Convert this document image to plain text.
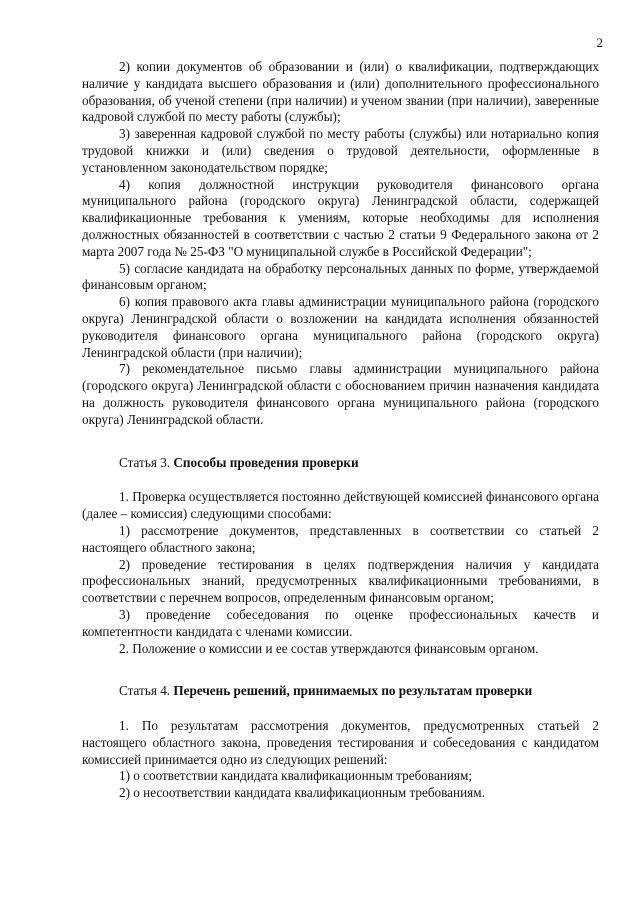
2

2) копии документов об образовании и (или) о квалификации, подтверждающих наличие у кандидата высшего образования и (или) дополнительного профессионального образования, об ученой степени (при наличии) и ученом звании (при наличии), заверенные кадровой службой по месту работы (службы);

3) заверенная кадровой службой по месту работы (службы) или нотариально копия трудовой книжки и (или) сведения о трудовой деятельности, оформленные в установленном законодательством порядке;

4) копия должностной инструкции руководителя финансового органа муниципального района (городского округа) Ленинградской области, содержащей квалификационные требования к умениям, которые необходимы для исполнения должностных обязанностей в соответствии с частью 2 статьи 9 Федерального закона от 2 марта 2007 года № 25-ФЗ "О муниципальной службе в Российской Федерации";

5) согласие кандидата на обработку персональных данных по форме, утверждаемой финансовым органом;

6) копия правового акта главы администрации муниципального района (городского округа) Ленинградской области о возложении на кандидата исполнения обязанностей руководителя финансового органа муниципального района (городского округа) Ленинградской области (при наличии);

7) рекомендательное письмо главы администрации муниципального района (городского округа) Ленинградской области с обоснованием причин назначения кандидата на должность руководителя финансового органа муниципального района (городского округа) Ленинградской области.

Статья 3. Способы проведения проверки

1. Проверка осуществляется постоянно действующей комиссией финансового органа (далее – комиссия) следующими способами:

1) рассмотрение документов, представленных в соответствии со статьей 2 настоящего областного закона;

2) проведение тестирования в целях подтверждения наличия у кандидата профессиональных знаний, предусмотренных квалификационными требованиями, в соответствии с перечнем вопросов, определенным финансовым органом;

3) проведение собеседования по оценке профессиональных качеств и компетентности кандидата с членами комиссии.

2. Положение о комиссии и ее состав утверждаются финансовым органом.

Статья 4. Перечень решений, принимаемых по результатам проверки

1. По результатам рассмотрения документов, предусмотренных статьей 2 настоящего областного закона, проведения тестирования и собеседования с кандидатом комиссией принимается одно из следующих решений:

1) о соответствии кандидата квалификационным требованиям;

2) о несоответствии кандидата квалификационным требованиям.
